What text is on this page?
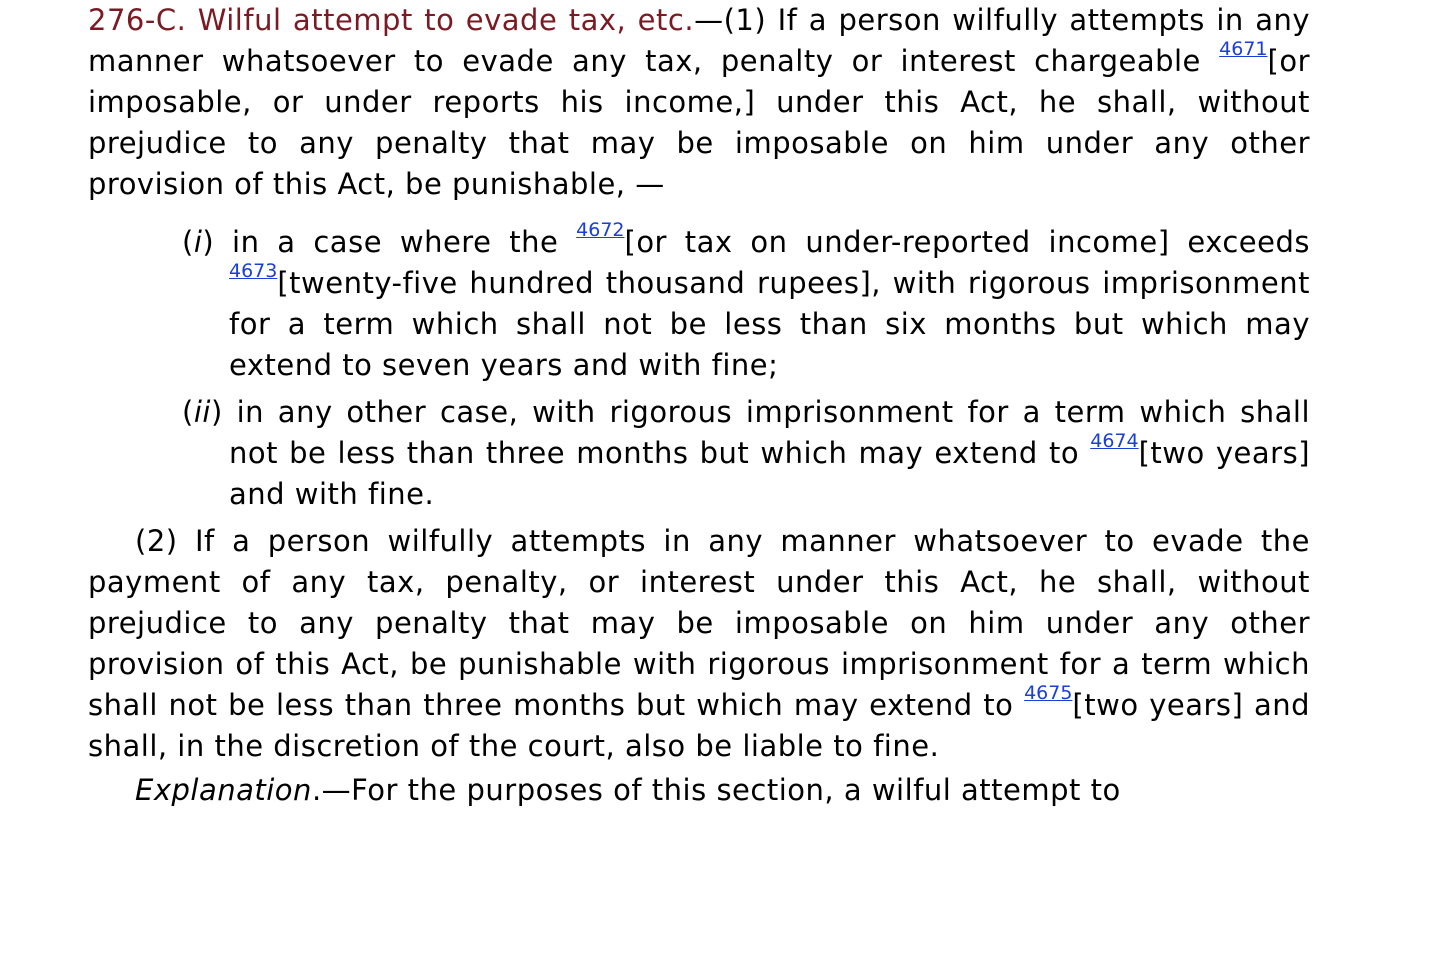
276-C. Wilful attempt to evade tax, etc.—(1) If a person wilfully attempts in any manner whatsoever to evade any tax, penalty or interest chargeable $^{4671}$[or imposable, or under reports his income,] under this Act, he shall, without prejudice to any penalty that may be imposable on him under any other provision of this Act, be punishable, —

(i) in a case where the $^{4672}$[or tax on under-reported income] exceeds $^{4673}$[twenty-five hundred thousand rupees], with rigorous imprisonment for a term which shall not be less than six months but which may extend to seven years and with fine;

(ii) in any other case, with rigorous imprisonment for a term which shall not be less than three months but which may extend to $^{4674}$[two years] and with fine.

(2) If a person wilfully attempts in any manner whatsoever to evade the payment of any tax, penalty, or interest under this Act, he shall, without prejudice to any penalty that may be imposable on him under any other provision of this Act, be punishable with rigorous imprisonment for a term which shall not be less than three months but which may extend to $^{4675}$[two years] and shall, in the discretion of the court, also be liable to fine.

Explanation.—For the purposes of this section, a wilful attempt to
